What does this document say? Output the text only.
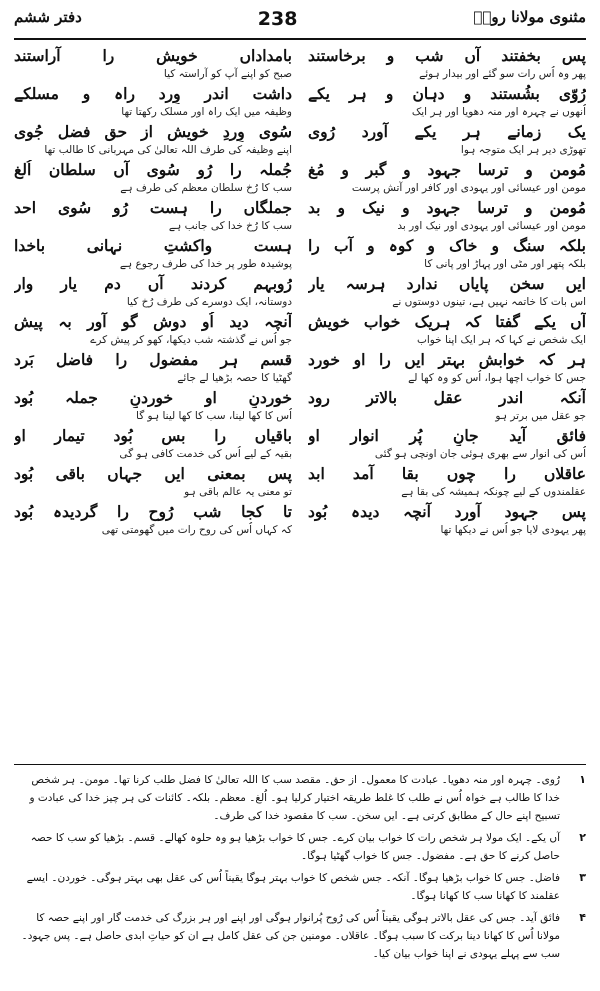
مثنوی مولانا رومؒ
238
دفتر ششم
پس بخفتند آں شب و برخاستند
پھر وہ اُس رات سو گئے اور بیدار ہوئے
رُوّی بشُستند و دہان و ہر یکے
اُنھوں نے چہرہ اور منہ دھویا اور ہر ایک
یک زمانے ہر یکے آورد رُوی
تھوڑی دیر ہر ایک متوجہ ہوا
مُومن و ترسا جہود و گبر و مُغ
مومن اور عیسائی اور یہودی اور کافر اور آتش پرست
مُومن و ترسا جہود و نیک و بد
مومن اور عیسائی اور یہودی اور نیک اور بد
بلکہ سنگ و خاک و کوہ و آب را
بلکہ پتھر اور مٹی اور پہاڑ اور پانی کا
ایں سخن پایاں ندارد ہرسہ یار
اس بات کا خاتمہ نہیں ہے، تینوں دوستوں نے
آں یکے گفتا کہ ہریک خواب خویش
ایک شخص نے کہا کہ ہر ایک اپنا خواب
ہر کہ خوابش بہتر ایں را او خورد
جس کا خواب اچھا ہوا، اُس کو وہ کھا لے
آنکہ اندر عقل بالاتر رود
جو عقل میں برتر ہو
فائق آید جانِ پُر انوار او
اُس کی انوار سے بھری ہوئی جان اونچی ہو گئی
عاقلاں را چوں بقا آمد ابد
عقلمندوں کے لیے چونکہ ہمیشہ کی بقا ہے
پس جہود آورد آنچہ دیدہ بُود
پھر یہودی لایا جو اُس نے دیکھا تھا
بامداداں خویش را آراستند
صبح کو اپنے آپ کو آراستہ کیا
داشت اندر وِرد راہ و مسلکے
وظیفہ میں ایک راہ اور مسلک رکھتا تھا
سُوی وِردِ خویش از حق فضل جُوی
اپنے وظیفہ کی طرف اللہ تعالیٰ کی مہربانی کا طالب تھا
جُملہ را رُو سُوی آں سلطان اُلغ
سب کا رُخ سلطان معظم کی طرف ہے
جملگاں را ہست رُو سُوی احد
سب کا رُخ خدا کی جانب ہے
ہست واکشتِ نہانی باخدا
پوشیدہ طور پر خدا کی طرف رجوع ہے
رُوبہم کردند آں دم یار وار
دوستانہ، ایک دوسرے کی طرف رُخ کیا
آنچہ دید اُو دوش گو آور بہ پیش
جو اُس نے گذشتہ شب دیکھا، کھو کر پیش کرے
قسم ہر مفضول را فاضل بَرد
گھٹیا کا حصہ بڑھیا لے جائے
خوردنِ او خوردنِ جملہ بُود
اُس کا کھا لینا، سب کا کھا لینا ہو گا
باقیاں را بس بُود تیمار او
بقیہ کے لیے اُس کی خدمت کافی ہو گی
پس بمعنی ایں جہاں باقی بُود
تو معنی یہ عالم باقی ہو
تا کجا شب رُوح را گردیدہ بُود
کہ کہاں اُس کی روح رات میں گھومتی تھی
۱
رُوی۔ چہرہ اور منہ دھویا۔ عبادت کا معمول۔ از حق۔ مقصد سب کا اللہ تعالیٰ کا فضل طلب کرنا تھا۔ مومن۔ ہر شخص خدا کا طالب ہے خواہ اُس نے طلب کا غلط طریقہ اختیار کرلیا ہو۔ اُلغ۔ معظم۔ بلکہ۔ کائنات کی ہر چیز خدا کی عبادت و تسبیح اپنے حال کے مطابق کرتی ہے۔ ایں سخن۔ سب کا مقصود خدا کی طرف۔
۲
آں یکے۔ ایک مولا ہر شخص رات کا خواب بیان کرے۔ جس کا خواب بڑھیا ہو وہ حلوہ کھالے۔ قسم۔ بڑھیا کو سب کا حصہ حاصل کرنے کا حق ہے۔ مفضول۔ جس کا خواب گھٹیا ہوگا۔
۳
فاضل۔ جس کا خواب بڑھیا ہوگا۔ آنکہ۔ جس شخص کا خواب بہتر ہوگا یقیناً اُس کی عقل بھی بہتر ہوگی۔ خوردن۔ ایسے عقلمند کا کھانا سب کا کھانا ہوگا۔
۴
فائق آید۔ جس کی عقل بالاتر ہوگی یقیناً اُس کی رُوح پُرانوار ہوگی اور اپنے اور ہر بزرگ کی خدمت گار اور اپنے حصہ کا مولانا اُس کا کھانا دینا برکت کا سبب ہوگا۔ عاقلاں۔ مومنین جن کی عقل کامل ہے ان کو حیاتِ ابدی حاصل ہے۔ پس جہود۔ سب سے پہلے یہودی نے اپنا خواب بیان کیا۔
